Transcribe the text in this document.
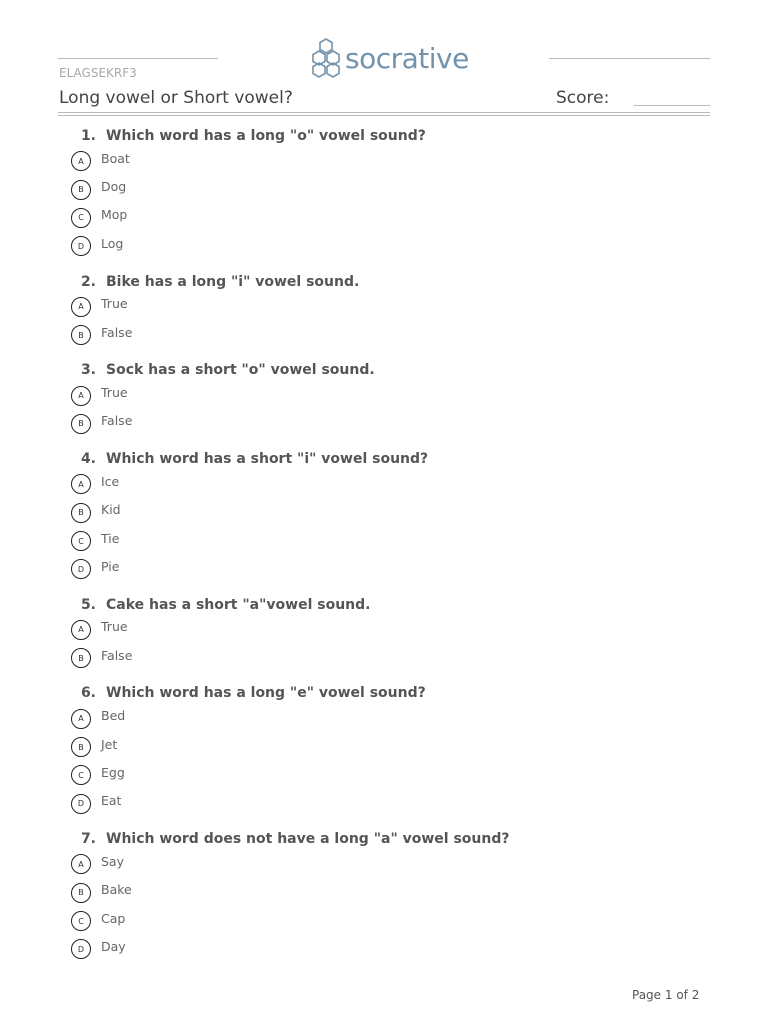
socrative
ELAGSEKRF3
Long vowel or Short vowel?	Score:
1. Which word has a long "o" vowel sound?
A	Boat
B	Dog
C	Mop
D	Log
2. Bike has a long "i" vowel sound.
A	True
B	False
3. Sock has a short "o" vowel sound.
A	True
B	False
4. Which word has a short "i" vowel sound?
A	Ice
B	Kid
C	Tie
D	Pie
5. Cake has a short "a"vowel sound.
A	True
B	False
6. Which word has a long "e" vowel sound?
A	Bed
B	Jet
C	Egg
D	Eat
7. Which word does not have a long "a" vowel sound?
A	Say
B	Bake
C	Cap
D	Day
Page 1 of 2
